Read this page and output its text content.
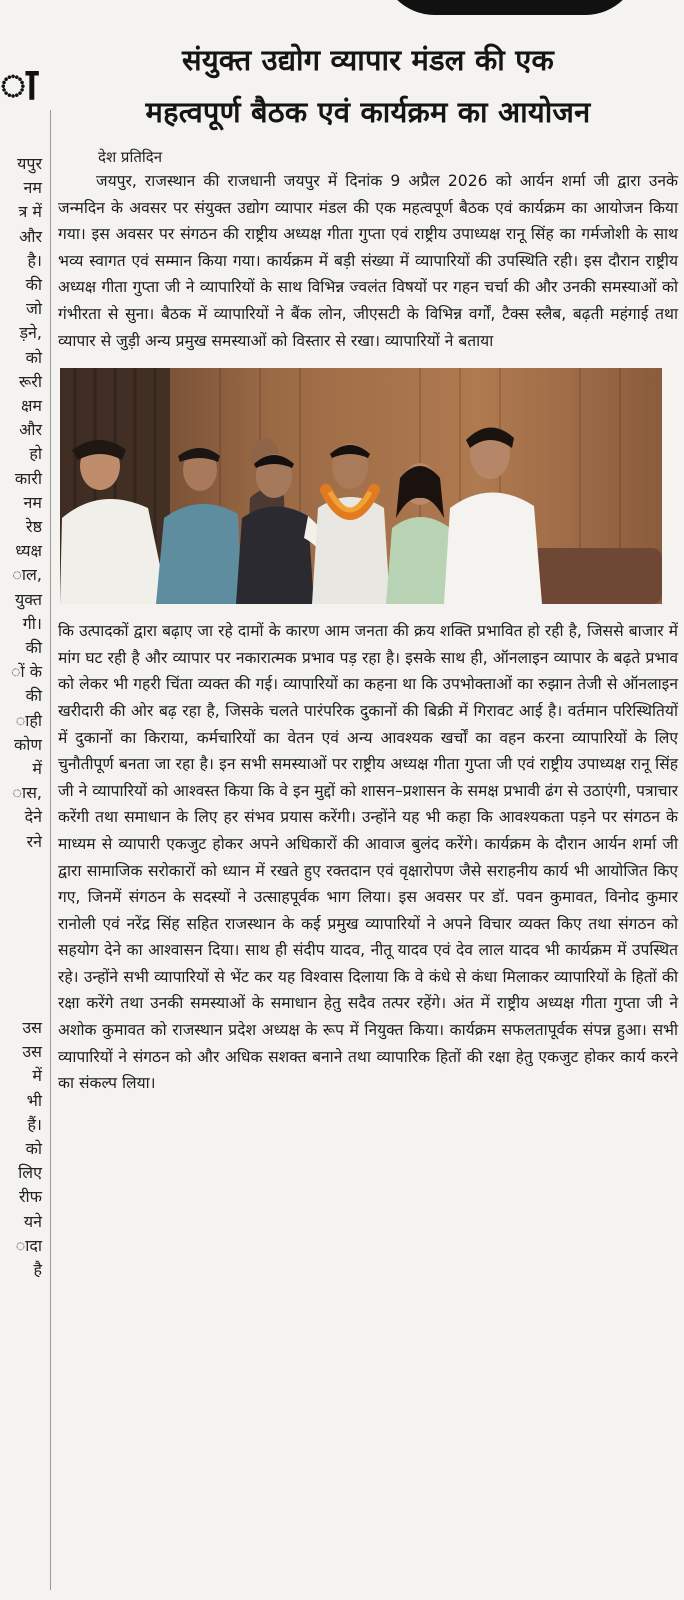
ा
यपुर
नम
त्र में
और
है।
की
जो
ड़ने,
को
रूरी
क्षम
और
हो
कारी
नम
रेष्ठ
ध्यक्ष
ाल,
युक्त
गी।
की
ों के
की
ाही
कोण
में
ास,
देने
रने
उस
उस
में
भी
हैं।
को
लिए
रीफ
यने
ादा
है
संयुक्त उद्योग व्यापार मंडल की एक
महत्वपूर्ण बैठक एवं कार्यक्रम का आयोजन
देश प्रतिदिन

जयपुर, राजस्थान की राजधानी जयपुर में दिनांक 9 अप्रैल 2026 को आर्यन शर्मा जी द्वारा उनके जन्मदिन के अवसर पर संयुक्त उद्योग व्यापार मंडल की एक महत्वपूर्ण बैठक एवं कार्यक्रम का आयोजन किया गया। इस अवसर पर संगठन की राष्ट्रीय अध्यक्ष गीता गुप्ता एवं राष्ट्रीय उपाध्यक्ष रानू सिंह का गर्मजोशी के साथ भव्य स्वागत एवं सम्मान किया गया। कार्यक्रम में बड़ी संख्या में व्यापारियों की उपस्थिति रही। इस दौरान राष्ट्रीय अध्यक्ष गीता गुप्ता जी ने व्यापारियों के साथ विभिन्न ज्वलंत विषयों पर गहन चर्चा की और उनकी समस्याओं को गंभीरता से सुना। बैठक में व्यापारियों ने बैंक लोन, जीएसटी के विभिन्न वर्गों, टैक्स स्लैब, बढ़ती महंगाई तथा व्यापार से जुड़ी अन्य प्रमुख समस्याओं को विस्तार से रखा। व्यापारियों ने बताया

कि उत्पादकों द्वारा बढ़ाए जा रहे दामों के कारण आम जनता की क्रय शक्ति प्रभावित हो रही है, जिससे बाजार में मांग घट रही है और व्यापार पर नकारात्मक प्रभाव पड़ रहा है। इसके साथ ही, ऑनलाइन व्यापार के बढ़ते प्रभाव को लेकर भी गहरी चिंता व्यक्त की गई। व्यापारियों का कहना था कि उपभोक्ताओं का रुझान तेजी से ऑनलाइन खरीदारी की ओर बढ़ रहा है, जिसके चलते पारंपरिक दुकानों की बिक्री में गिरावट आई है। वर्तमान परिस्थितियों में दुकानों का किराया, कर्मचारियों का वेतन एवं अन्य आवश्यक खर्चों का वहन करना व्यापारियों के लिए चुनौतीपूर्ण बनता जा रहा है। इन सभी समस्याओं पर राष्ट्रीय अध्यक्ष गीता गुप्ता जी एवं राष्ट्रीय उपाध्यक्ष रानू सिंह जी ने व्यापारियों को आश्वस्त किया कि वे इन मुद्दों को शासन–प्रशासन के समक्ष प्रभावी ढंग से उठाएंगी, पत्राचार करेंगी तथा समाधान के लिए हर संभव प्रयास करेंगी। उन्होंने यह भी कहा कि आवश्यकता पड़ने पर संगठन के माध्यम से व्यापारी एकजुट होकर अपने अधिकारों की आवाज बुलंद करेंगे। कार्यक्रम के दौरान आर्यन शर्मा जी द्वारा सामाजिक सरोकारों को ध्यान में रखते हुए रक्तदान एवं वृक्षारोपण जैसे सराहनीय कार्य भी आयोजित किए गए, जिनमें संगठन के सदस्यों ने उत्साहपूर्वक भाग लिया। इस अवसर पर डॉ. पवन कुमावत, विनोद कुमार रानोली एवं नरेंद्र सिंह सहित राजस्थान के कई प्रमुख व्यापारियों ने अपने विचार व्यक्त किए तथा संगठन को सहयोग देने का आश्वासन दिया। साथ ही संदीप यादव, नीतू यादव एवं देव लाल यादव भी कार्यक्रम में उपस्थित रहे। उन्होंने सभी व्यापारियों से भेंट कर यह विश्वास दिलाया कि वे कंधे से कंधा मिलाकर व्यापारियों के हितों की रक्षा करेंगे तथा उनकी समस्याओं के समाधान हेतु सदैव तत्पर रहेंगे। अंत में राष्ट्रीय अध्यक्ष गीता गुप्ता जी ने अशोक कुमावत को राजस्थान प्रदेश अध्यक्ष के रूप में नियुक्त किया। कार्यक्रम सफलतापूर्वक संपन्न हुआ। सभी व्यापारियों ने संगठन को और अधिक सशक्त बनाने तथा व्यापारिक हितों की रक्षा हेतु एकजुट होकर कार्य करने का संकल्प लिया।
